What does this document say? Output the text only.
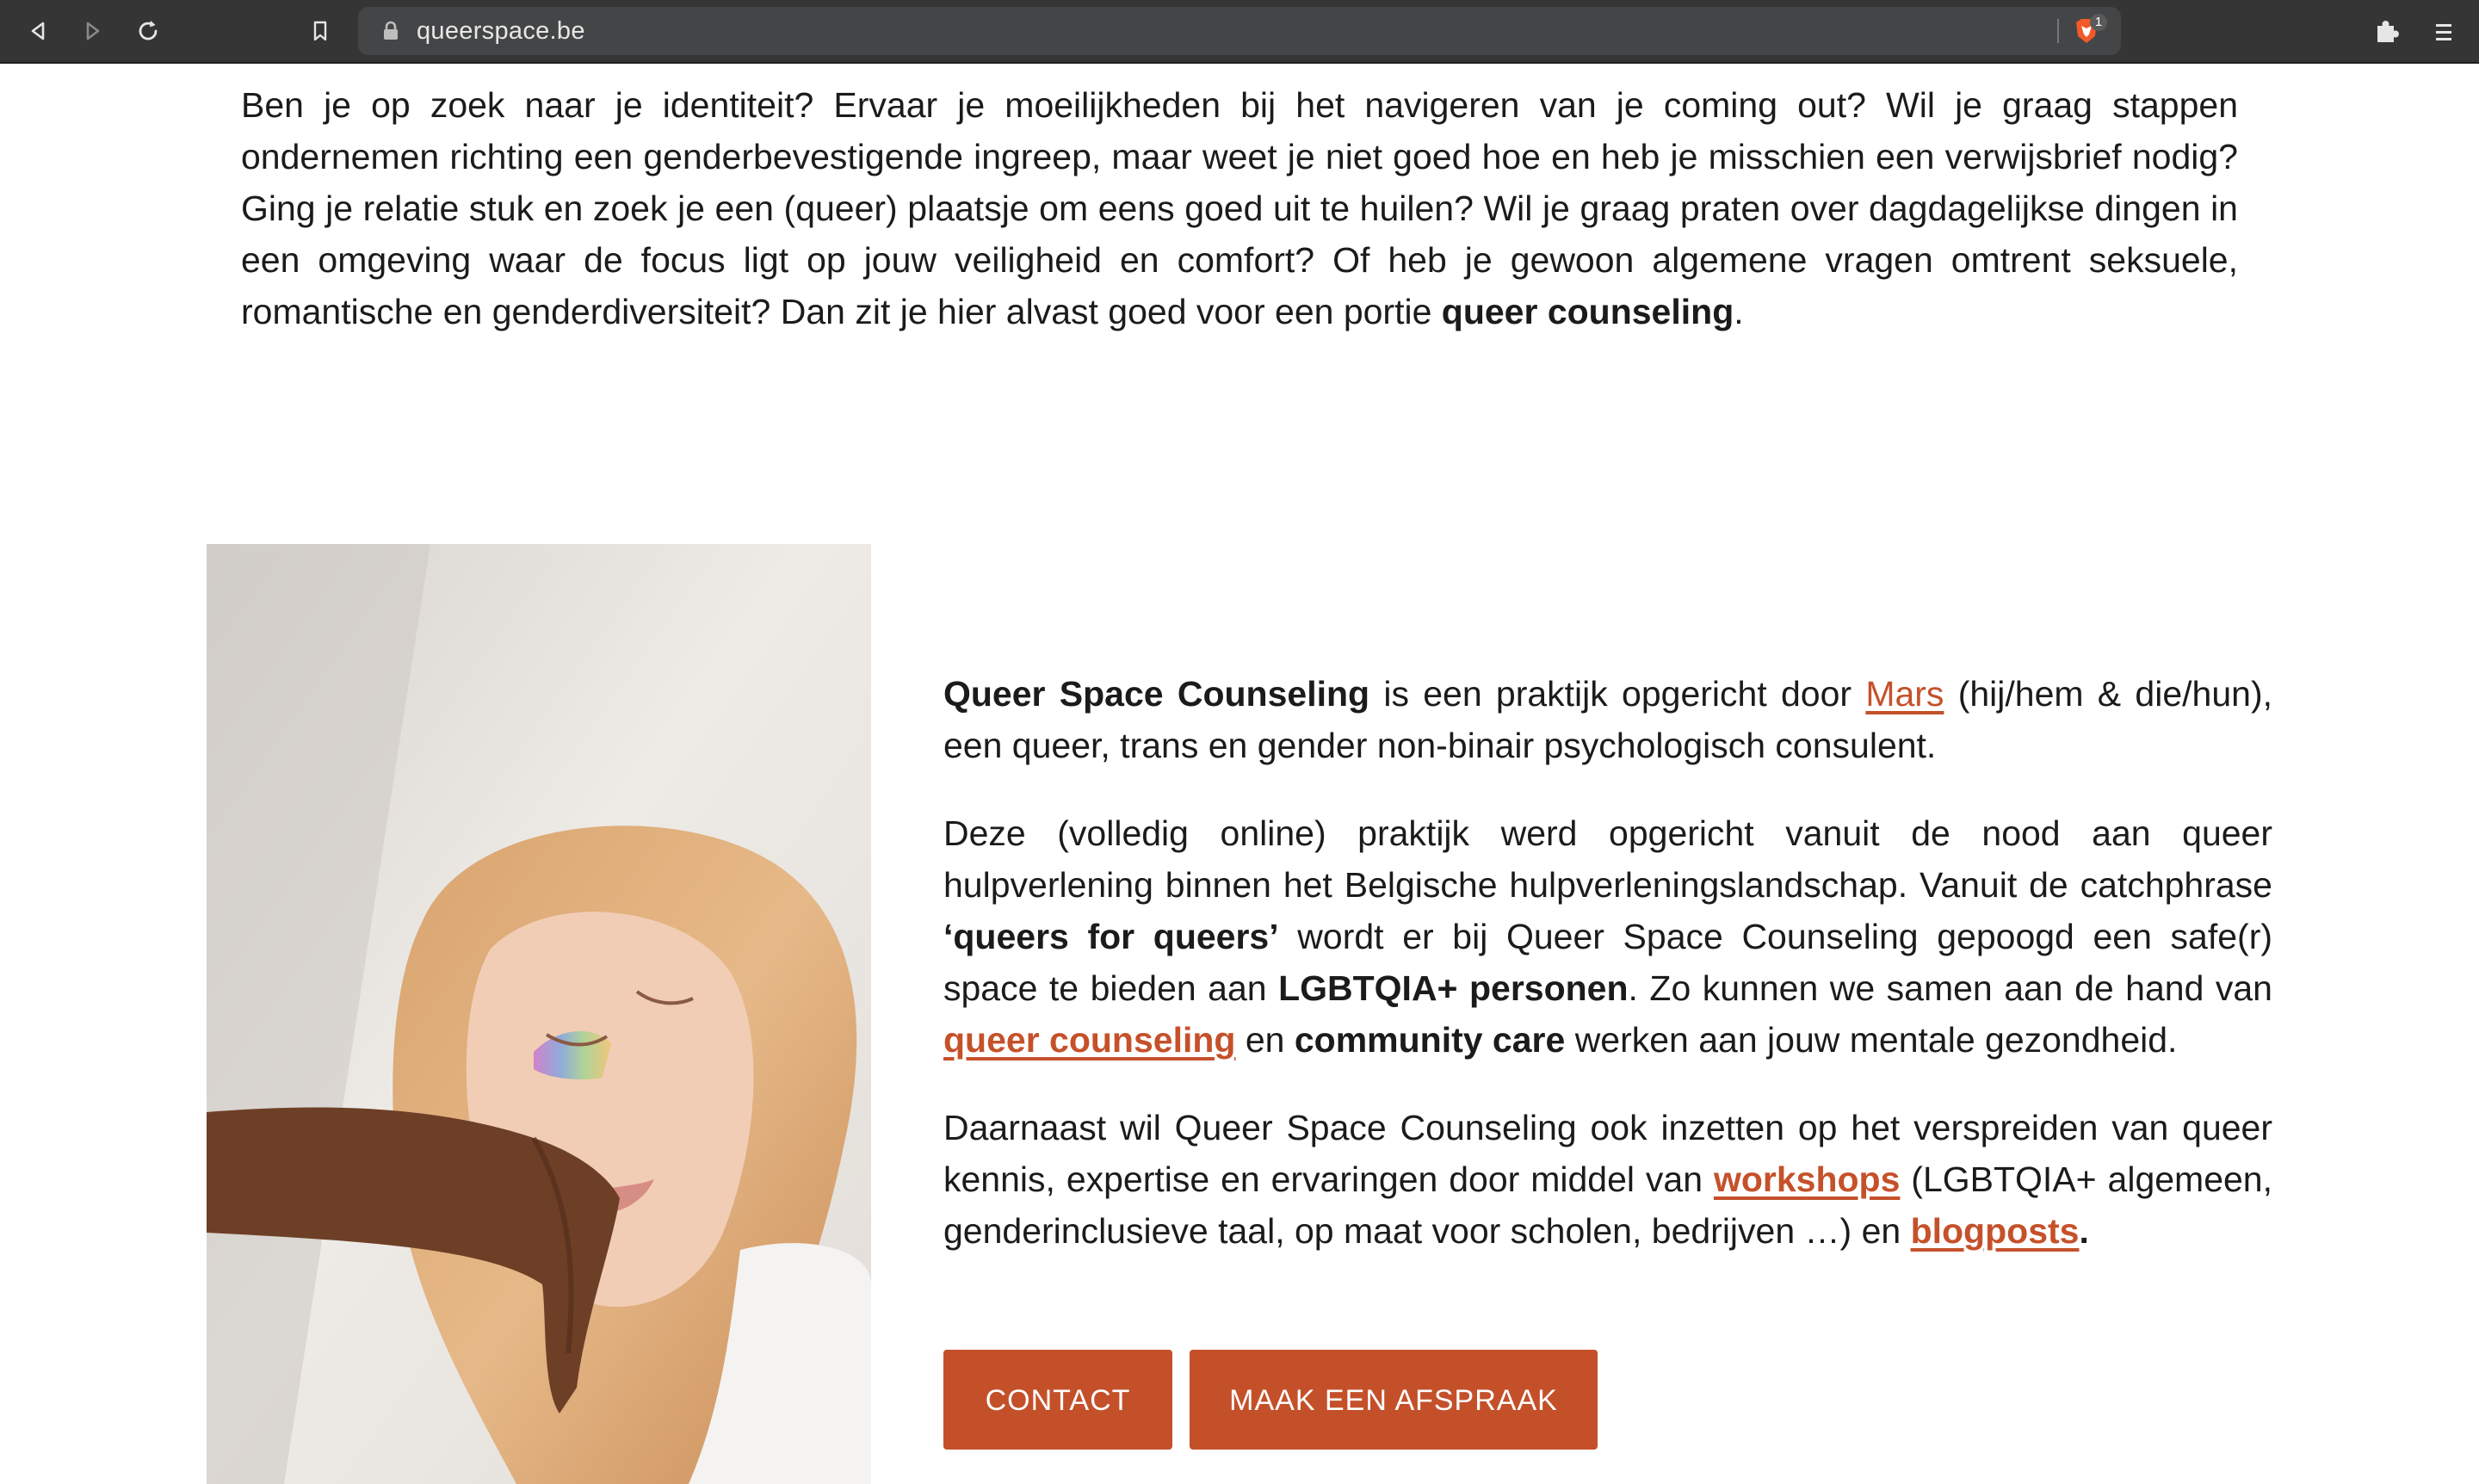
queerspace.be	1

Ben je op zoek naar je identiteit? Ervaar je moeilijkheden bij het navigeren van je coming out? Wil je graag stappen ondernemen richting een genderbevestigende ingreep, maar weet je niet goed hoe en heb je misschien een verwijsbrief nodig? Ging je relatie stuk en zoek je een (queer) plaatsje om eens goed uit te huilen? Wil je graag praten over dagdagelijkse dingen in een omgeving waar de focus ligt op jouw veiligheid en comfort? Of heb je gewoon algemene vragen omtrent seksuele, romantische en genderdiversiteit? Dan zit je hier alvast goed voor een portie queer counseling.

Queer Space Counseling is een praktijk opgericht door Mars (hij/hem & die/hun), een queer, trans en gender non-binair psychologisch consulent.

Deze (volledig online) praktijk werd opgericht vanuit de nood aan queer hulpverlening binnen het Belgische hulpverleningslandschap. Vanuit de catchphrase ‘queers for queers’ wordt er bij Queer Space Counseling gepoogd een safe(r) space te bieden aan LGBTQIA+ personen. Zo kunnen we samen aan de hand van queer counseling en community care werken aan jouw mentale gezondheid.

Daarnaast wil Queer Space Counseling ook inzetten op het verspreiden van queer kennis, expertise en ervaringen door middel van workshops (LGBTQIA+ algemeen, genderinclusieve taal, op maat voor scholen, bedrijven …) en blogposts.

CONTACT	MAAK EEN AFSPRAAK
